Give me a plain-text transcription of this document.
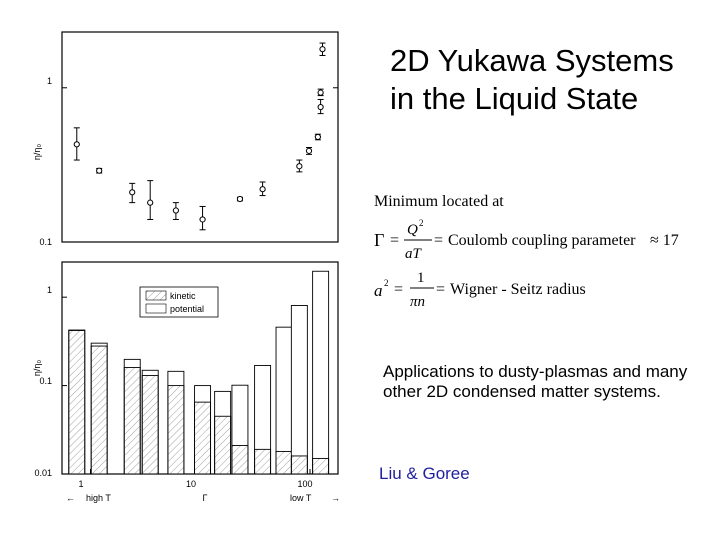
1
0.1
η/η₀
1
0.1
0.01
η/η₀
kinetic
potential
1	10	100
← high T	Γ	low T →
2D Yukawa Systems
in the Liquid State
Minimum located at
Γ =
Q 2
aT
= Coulomb coupling parameter ≈ 17
a 2 =
1
πn
= Wigner - Seitz radius
Applications to dusty-plasmas and many other 2D condensed matter systems.
Liu & Goree
